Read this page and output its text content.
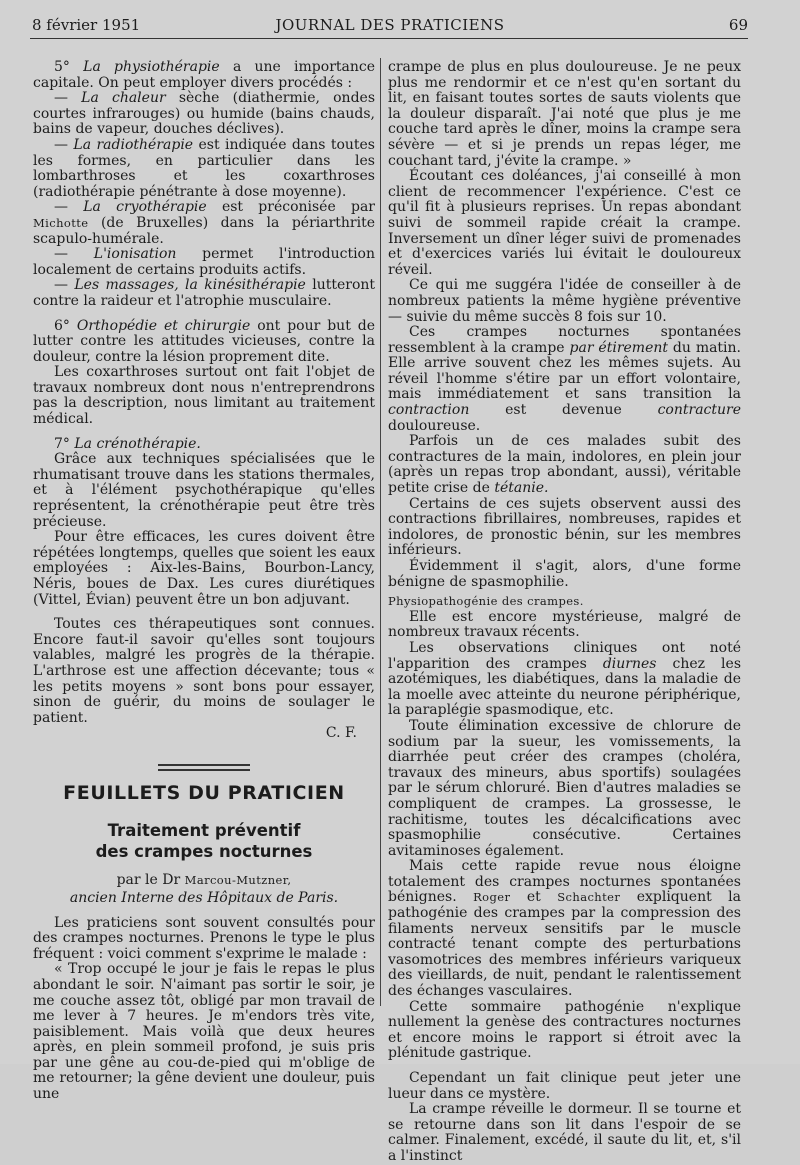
8 février 1951	JOURNAL DES PRATICIENS	69

5° La physiothérapie a une importance capitale. On peut employer divers procédés :

— La chaleur sèche (diathermie, ondes courtes infrarouges) ou humide (bains chauds, bains de vapeur, douches déclives).

— La radiothérapie est indiquée dans toutes les formes, en particulier dans les lombarthroses et les coxarthroses (radiothérapie pénétrante à dose moyenne).

— La cryothérapie est préconisée par Michotte (de Bruxelles) dans la périarthrite scapulo-humérale.

— L'ionisation permet l'introduction localement de certains produits actifs.

— Les massages, la kinésithérapie lutteront contre la raideur et l'atrophie musculaire.

6° Orthopédie et chirurgie ont pour but de lutter contre les attitudes vicieuses, contre la douleur, contre la lésion proprement dite.

Les coxarthroses surtout ont fait l'objet de travaux nombreux dont nous n'entreprendrons pas la description, nous limitant au traitement médical.

7° La crénothérapie.

Grâce aux techniques spécialisées que le rhumatisant trouve dans les stations thermales, et à l'élément psychothérapique qu'elles représentent, la crénothérapie peut être très précieuse.

Pour être efficaces, les cures doivent être répétées longtemps, quelles que soient les eaux employées : Aix-les-Bains, Bourbon-Lancy, Néris, boues de Dax. Les cures diurétiques (Vittel, Évian) peuvent être un bon adjuvant.

Toutes ces thérapeutiques sont connues. Encore faut-il savoir qu'elles sont toujours valables, malgré les progrès de la thérapie. L'arthrose est une affection décevante; tous « les petits moyens » sont bons pour essayer, sinon de guérir, du moins de soulager le patient.

C. F.

FEUILLETS DU PRATICIEN
Traitement préventif
des crampes nocturnes
par le Dr Marcou-Mutzner,
ancien Interne des Hôpitaux de Paris.

Les praticiens sont souvent consultés pour des crampes nocturnes. Prenons le type le plus fréquent : voici comment s'exprime le malade :

« Trop occupé le jour je fais le repas le plus abondant le soir. N'aimant pas sortir le soir, je me couche assez tôt, obligé par mon travail de me lever à 7 heures. Je m'endors très vite, paisiblement. Mais voilà que deux heures après, en plein sommeil profond, je suis pris par une gêne au cou-de-pied qui m'oblige de me retourner; la gêne devient une douleur, puis une

crampe de plus en plus douloureuse. Je ne peux plus me rendormir et ce n'est qu'en sortant du lit, en faisant toutes sortes de sauts violents que la douleur disparaît. J'ai noté que plus je me couche tard après le dîner, moins la crampe sera sévère — et si je prends un repas léger, me couchant tard, j'évite la crampe. »

Écoutant ces doléances, j'ai conseillé à mon client de recommencer l'expérience. C'est ce qu'il fit à plusieurs reprises. Un repas abondant suivi de sommeil rapide créait la crampe. Inversement un dîner léger suivi de promenades et d'exercices variés lui évitait le douloureux réveil.

Ce qui me suggéra l'idée de conseiller à de nombreux patients la même hygiène préventive — suivie du même succès 8 fois sur 10.

Ces crampes nocturnes spontanées ressemblent à la crampe par étirement du matin. Elle arrive souvent chez les mêmes sujets. Au réveil l'homme s'étire par un effort volontaire, mais immédiatement et sans transition la contraction	est devenue	contracture douloureuse.

Parfois un de ces malades subit des contractures de la main, indolores, en plein jour (après un repas trop abondant, aussi), véritable petite crise de tétanie.

Certains de ces sujets observent aussi des contractions fibrillaires, nombreuses, rapides et indolores, de pronostic bénin, sur les membres inférieurs.

Évidemment il s'agit, alors, d'une forme bénigne de spasmophilie.

Physiopathogénie des crampes.

Elle est encore mystérieuse, malgré de nombreux travaux récents.

Les observations cliniques ont noté l'apparition des crampes diurnes chez les azotémiques, les diabétiques, dans la maladie de la moelle avec atteinte du neurone périphérique, la paraplégie spasmodique, etc.

Toute élimination excessive de chlorure de sodium par la sueur, les vomissements, la diarrhée peut créer des crampes (choléra, travaux des mineurs, abus sportifs) soulagées par le sérum chloruré. Bien d'autres maladies se compliquent de crampes. La grossesse, le rachitisme, toutes les décalcifications avec spasmophilie consécutive. Certaines avitaminoses également.

Mais cette rapide revue nous éloigne totalement des crampes nocturnes spontanées bénignes. Roger et Schachter expliquent la pathogénie des crampes par la compression des filaments nerveux sensitifs par le muscle contracté tenant compte des perturbations vasomotrices des membres inférieurs variqueux des vieillards, de nuit, pendant le ralentissement des échanges vasculaires.

Cette sommaire pathogénie n'explique nullement la genèse des contractures nocturnes et encore moins le rapport si étroit avec la plénitude gastrique.

Cependant un fait clinique peut jeter une lueur dans ce mystère.

La crampe réveille le dormeur. Il se tourne et se retourne dans son lit dans l'espoir de se calmer. Finalement, excédé, il saute du lit, et, s'il a l'instinct
